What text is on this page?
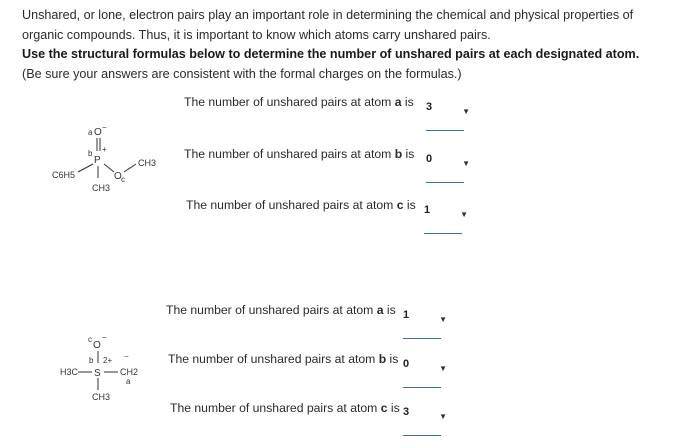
Unshared, or lone, electron pairs play an important role in determining the chemical and physical properties of

organic compounds. Thus, it is important to know which atoms carry unshared pairs.

Use the structural formulas below to determine the number of unshared pairs at each designated atom.

(Be sure your answers are consistent with the formal charges on the formulas.)

a O −
b +
P
C6H5
CH3
O c
CH3
The number of unshared pairs at atom a is 3	▼
The number of unshared pairs at atom b is 0	▼
The number of unshared pairs at atom c is 1	▼
c
O
−
b 2+ −
H3C S CH2
a
CH3
The number of unshared pairs at atom a is 1	▼
The number of unshared pairs at atom b is 0	▼
The number of unshared pairs at atom c is 3	▼
